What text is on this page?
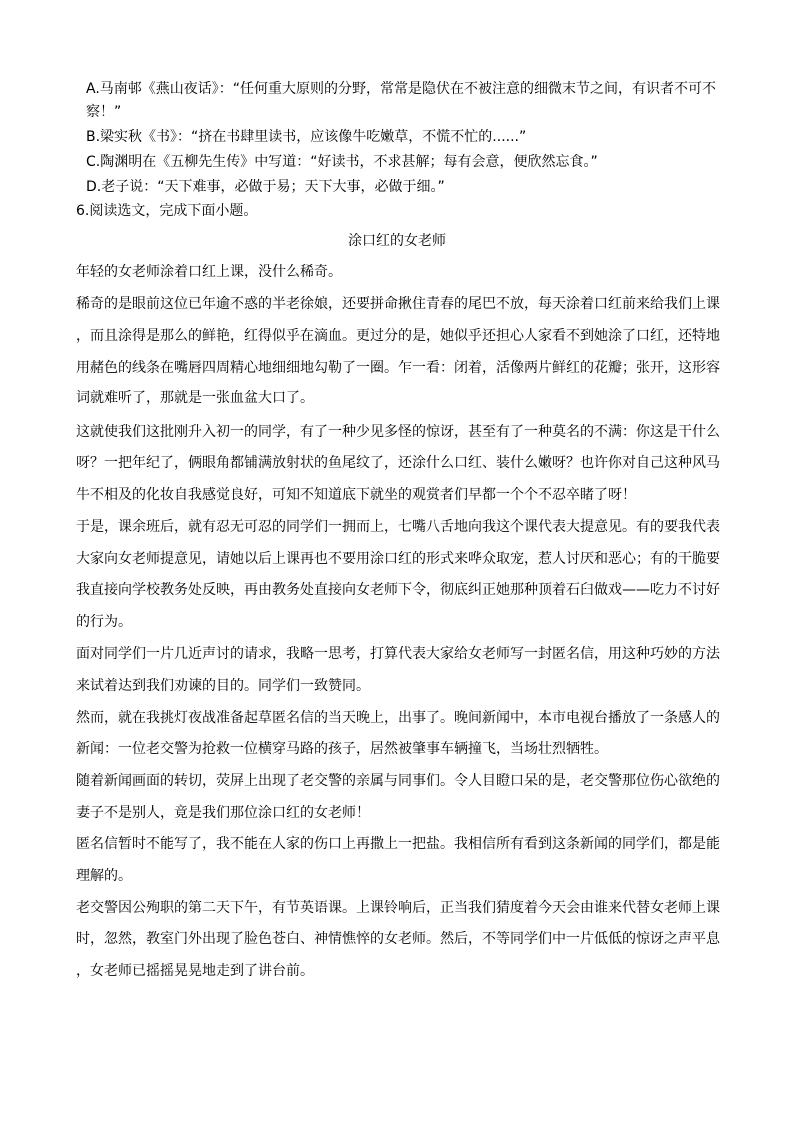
A.马南邨《燕山夜话》：“任何重大原则的分野，常常是隐伏在不被注意的细微末节之间，有识者不可不
察！”
B.梁实秋《书》：“挤在书肆里读书，应该像牛吃嫩草，不慌不忙的......”
C.陶渊明在《五柳先生传》中写道：“好读书，不求甚解；每有会意，便欣然忘食。”
D.老子说：“天下难事，必做于易；天下大事，必做于细。”
6.阅读选文，完成下面小题。
涂口红的女老师
年轻的女老师涂着口红上课，没什么稀奇。
稀奇的是眼前这位已年逾不惑的半老徐娘，还要拼命揪住青春的尾巴不放，每天涂着口红前来给我们上课
，而且涂得是那么的鲜艳，红得似乎在滴血。更过分的是，她似乎还担心人家看不到她涂了口红，还特地
用赭色的线条在嘴唇四周精心地细细地勾勒了一圈。乍一看：闭着，活像两片鲜红的花瓣；张开，这形容
词就难听了，那就是一张血盆大口了。
这就使我们这批刚升入初一的同学，有了一种少见多怪的惊讶，甚至有了一种莫名的不满：你这是干什么
呀？一把年纪了，俩眼角都铺满放射状的鱼尾纹了，还涂什么口红、装什么嫩呀？也许你对自己这种风马
牛不相及的化妆自我感觉良好，可知不知道底下就坐的观赏者们早都一个个不忍卒睹了呀！
于是，课余班后，就有忍无可忍的同学们一拥而上，七嘴八舌地向我这个课代表大提意见。有的要我代表
大家向女老师提意见，请她以后上课再也不要用涂口红的形式来哗众取宠，惹人讨厌和恶心；有的干脆要
我直接向学校教务处反映，再由教务处直接向女老师下令，彻底纠正她那种顶着石臼做戏——吃力不讨好
的行为。
面对同学们一片几近声讨的请求，我略一思考，打算代表大家给女老师写一封匿名信，用这种巧妙的方法
来试着达到我们劝谏的目的。同学们一致赞同。
然而，就在我挑灯夜战准备起草匿名信的当天晚上，出事了。晚间新闻中，本市电视台播放了一条感人的
新闻：一位老交警为抢救一位横穿马路的孩子，居然被肇事车辆撞飞，当场壮烈牺牲。
随着新闻画面的转切，荧屏上出现了老交警的亲属与同事们。令人目瞪口呆的是，老交警那位伤心欲绝的
妻子不是别人，竟是我们那位涂口红的女老师！
匿名信暂时不能写了，我不能在人家的伤口上再撒上一把盐。我相信所有看到这条新闻的同学们，都是能
理解的。
老交警因公殉职的第二天下午，有节英语课。上课铃响后，正当我们猜度着今天会由谁来代替女老师上课
时，忽然，教室门外出现了脸色苍白、神情憔悴的女老师。然后，不等同学们中一片低低的惊讶之声平息
，女老师已摇摇晃晃地走到了讲台前。
